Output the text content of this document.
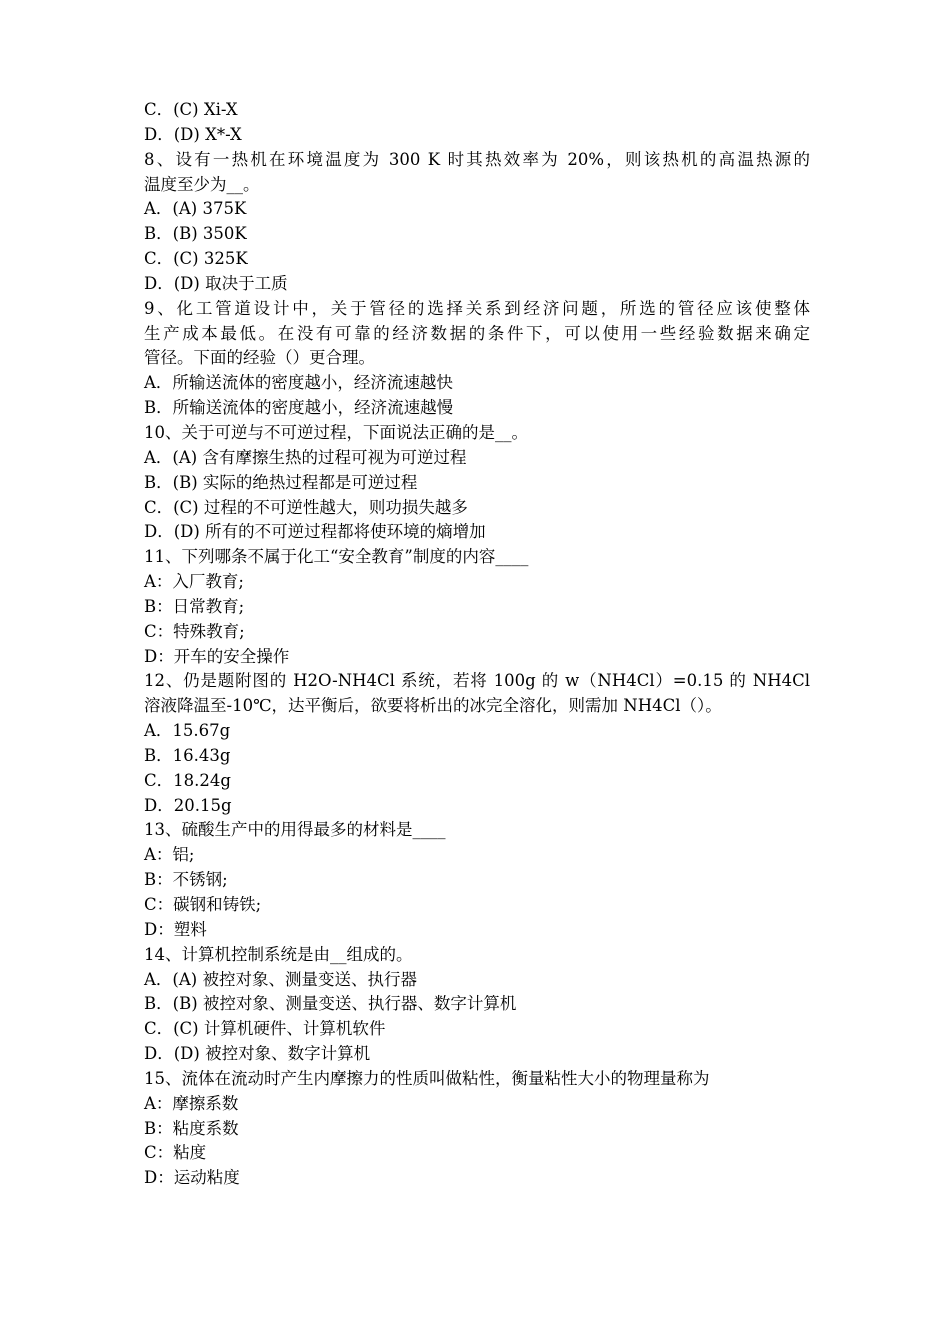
C．(C) Xi-X
D．(D) X*-X
8、设有一热机在环境温度为 300 K 时其热效率为 20%，则该热机的高温热源的
温度至少为__。
A．(A) 375K
B．(B) 350K
C．(C) 325K
D．(D) 取决于工质
9、化工管道设计中，关于管径的选择关系到经济问题，所选的管径应该使整体
生产成本最低。在没有可靠的经济数据的条件下，可以使用一些经验数据来确定
管径。下面的经验（）更合理。
A．所输送流体的密度越小，经济流速越快
B．所输送流体的密度越小，经济流速越慢
10、关于可逆与不可逆过程，下面说法正确的是__。
A．(A) 含有摩擦生热的过程可视为可逆过程
B．(B) 实际的绝热过程都是可逆过程
C．(C) 过程的不可逆性越大，则功损失越多
D．(D) 所有的不可逆过程都将使环境的熵增加
11、下列哪条不属于化工“安全教育”制度的内容____
A：入厂教育;
B：日常教育;
C：特殊教育;
D：开车的安全操作
12、仍是题附图的 H2O-NH4Cl 系统，若将 100g 的 w（NH4Cl）=0.15 的 NH4Cl
溶液降温至-10℃，达平衡后，欲要将析出的冰完全溶化，则需加 NH4Cl（）。
A．15.67g
B．16.43g
C．18.24g
D．20.15g
13、硫酸生产中的用得最多的材料是____
A：铝;
B：不锈钢;
C：碳钢和铸铁;
D：塑料
14、计算机控制系统是由__组成的。
A．(A) 被控对象、测量变送、执行器
B．(B) 被控对象、测量变送、执行器、数字计算机
C．(C) 计算机硬件、计算机软件
D．(D) 被控对象、数字计算机
15、流体在流动时产生内摩擦力的性质叫做粘性，衡量粘性大小的物理量称为
A：摩擦系数
B：粘度系数
C：粘度
D：运动粘度
